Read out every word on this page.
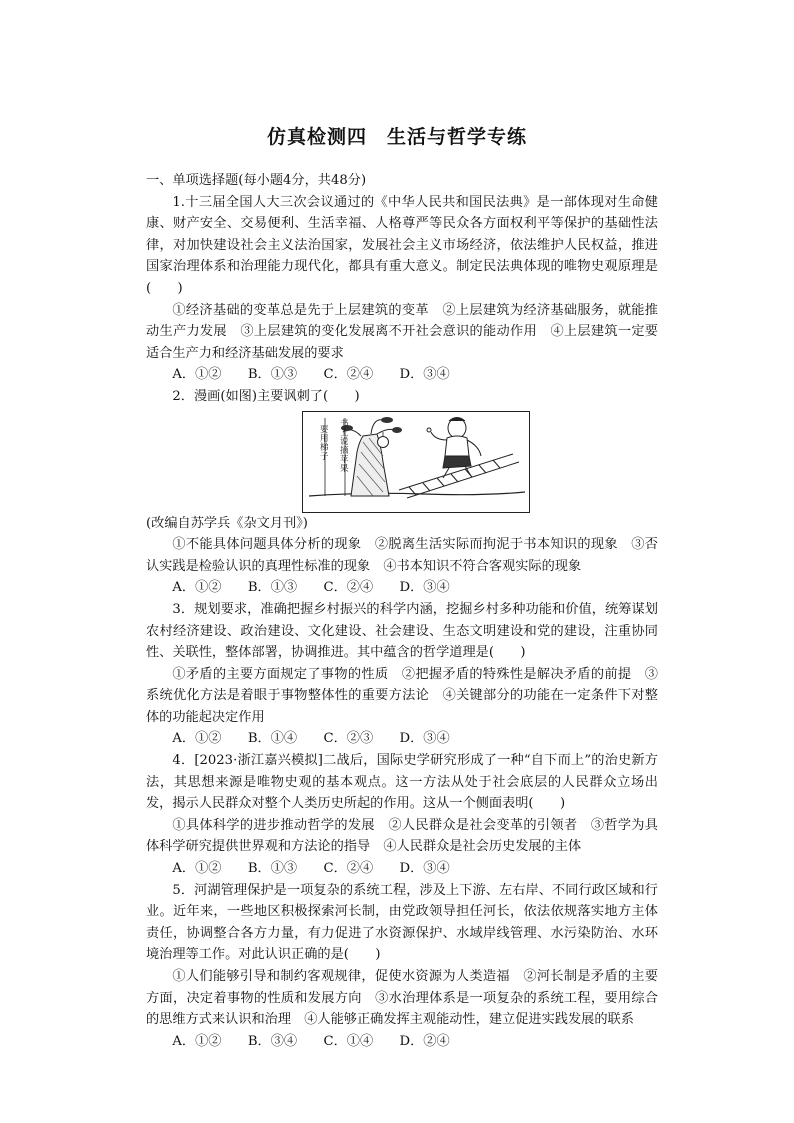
仿真检测四　生活与哲学专练

一、单项选择题(每小题4分，共48分)

1.十三届全国人大三次会议通过的《中华人民共和国民法典》是一部体现对生命健康、财产安全、交易便利、生活幸福、人格尊严等民众各方面权利平等保护的基础性法律，对加快建设社会主义法治国家，发展社会主义市场经济，依法维护人民权益，推进国家治理体系和治理能力现代化，都具有重大意义。制定民法典体现的唯物史观原理是(　　)

①经济基础的变革总是先于上层建筑的变革　②上层建筑为经济基础服务，就能推动生产力发展　③上层建筑的变化发展离不开社会意识的能动作用　④上层建筑一定要适合生产力和经济基础发展的要求

A．①②　　B．①③　　C．②④　　D．③④

2．漫画(如图)主要讽刺了(　　)

要用梯子
书上说摘苹果

(改编自苏学兵《杂文月刊》)

①不能具体问题具体分析的现象　②脱离生活实际而拘泥于书本知识的现象　③否认实践是检验认识的真理性标准的现象　④书本知识不符合客观实际的现象

A．①②　　B．①③　　C．②④　　D．③④

3．规划要求，准确把握乡村振兴的科学内涵，挖掘乡村多种功能和价值，统筹谋划农村经济建设、政治建设、文化建设、社会建设、生态文明建设和党的建设，注重协同性、关联性，整体部署，协调推进。其中蕴含的哲学道理是(　　)

①矛盾的主要方面规定了事物的性质　②把握矛盾的特殊性是解决矛盾的前提　③系统优化方法是着眼于事物整体性的重要方法论　④关键部分的功能在一定条件下对整体的功能起决定作用

A．①②　　B．①④　　C．②③　　D．③④

4．[2023·浙江嘉兴模拟]二战后，国际史学研究形成了一种“自下而上”的治史新方法，其思想来源是唯物史观的基本观点。这一方法从处于社会底层的人民群众立场出发，揭示人民群众对整个人类历史所起的作用。这从一个侧面表明(　　)

①具体科学的进步推动哲学的发展　②人民群众是社会变革的引领者　③哲学为具体科学研究提供世界观和方法论的指导　④人民群众是社会历史发展的主体

A．①②　　B．①③　　C．②④　　D．③④

5．河湖管理保护是一项复杂的系统工程，涉及上下游、左右岸、不同行政区域和行业。近年来，一些地区积极探索河长制，由党政领导担任河长，依法依规落实地方主体责任，协调整合各方力量，有力促进了水资源保护、水域岸线管理、水污染防治、水环境治理等工作。对此认识正确的是(　　)

①人们能够引导和制约客观规律，促使水资源为人类造福　②河长制是矛盾的主要方面，决定着事物的性质和发展方向　③水治理体系是一项复杂的系统工程，要用综合的思维方式来认识和治理　④人能够正确发挥主观能动性，建立促进实践发展的联系

A．①②　　B．③④　　C．①④　　D．②④
